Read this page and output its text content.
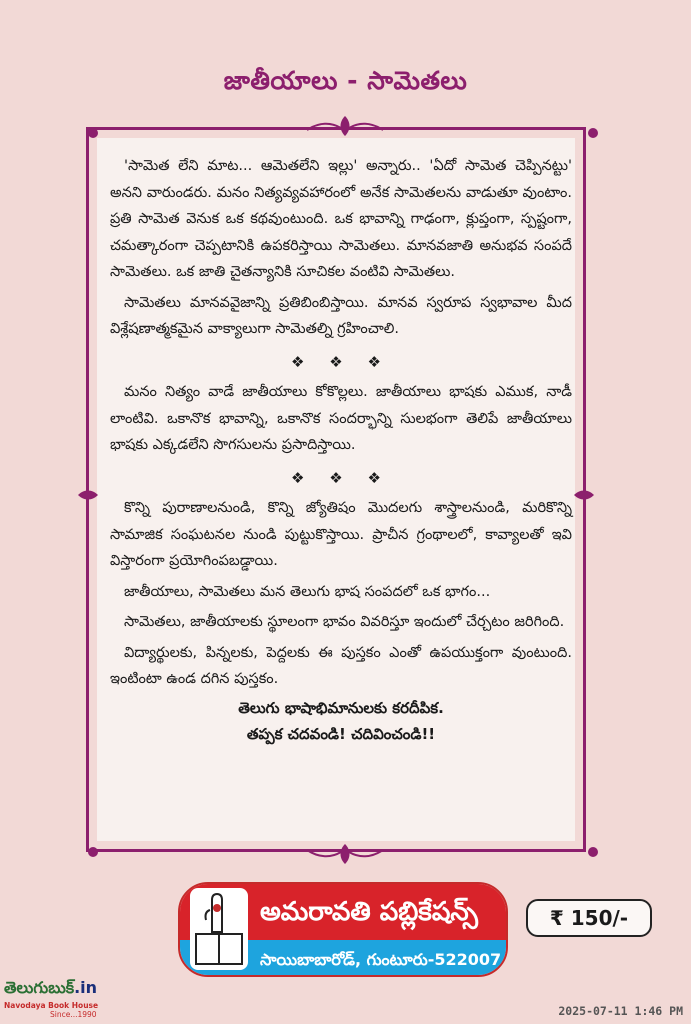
జాతీయాలు - సామెతలు

'సామెత లేని మాట... ఆమెతలేని ఇల్లు' అన్నారు.. 'ఏదో సామెత చెప్పినట్టు' అనని వారుండరు. మనం నిత్యవ్యవహారంలో అనేక సామెతలను వాడుతూ వుంటాం. ప్రతి సామెత వెనుక ఒక కథవుంటుంది. ఒక భావాన్ని గాఢంగా, క్లుప్తంగా, స్పష్టంగా, చమత్కారంగా చెప్పటానికి ఉపకరిస్తాయి సామెతలు. మానవజాతి అనుభవ సంపదే సామెతలు. ఒక జాతి చైతన్యానికి సూచికల వంటివి సామెతలు.

సామెతలు మానవవైజాన్ని ప్రతిబింబిస్తాయి. మానవ స్వరూప స్వభావాల మీద విశ్లేషణాత్మకమైన వాక్యాలుగా సామెతల్ని గ్రహించాలి.

❖ ❖ ❖

మనం నిత్యం వాడే జాతీయాలు కోకొల్లలు. జాతీయాలు భాషకు ఎముక, నాడీ లాంటివి. ఒకానొక భావాన్ని, ఒకానొక సందర్భాన్ని సులభంగా తెలిపే జాతీయాలు భాషకు ఎక్కడలేని సొగసులను ప్రసాదిస్తాయి.

❖ ❖ ❖

కొన్ని పురాణాలనుండి, కొన్ని జ్యోతిషం మొదలగు శాస్త్రాలనుండి, మరికొన్ని సామాజిక సంఘటనల నుండి పుట్టుకొస్తాయి. ప్రాచీన గ్రంథాలలో, కావ్యాలతో ఇవి విస్తారంగా ప్రయోగింపబడ్డాయి.

జాతీయాలు, సామెతలు మన తెలుగు భాష సంపదలో ఒక భాగం...

సామెతలు, జాతీయాలకు స్థూలంగా భావం వివరిస్తూ ఇందులో చేర్చటం జరిగింది.

విద్యార్థులకు, పిన్నలకు, పెద్దలకు ఈ పుస్తకం ఎంతో ఉపయుక్తంగా వుంటుంది. ఇంటింటా ఉండ దగిన పుస్తకం.

తెలుగు భాషాభిమానులకు కరదీపిక.
తప్పక చదవండి! చదివించండి!!
అమరావతి పబ్లికేషన్స్
సాయిబాబారోడ్, గుంటూరు-522007
₹ 150/-
తెలుగుబుక్.in
Navodaya Book House
Since...1990	2025-07-11 1:46 PM
